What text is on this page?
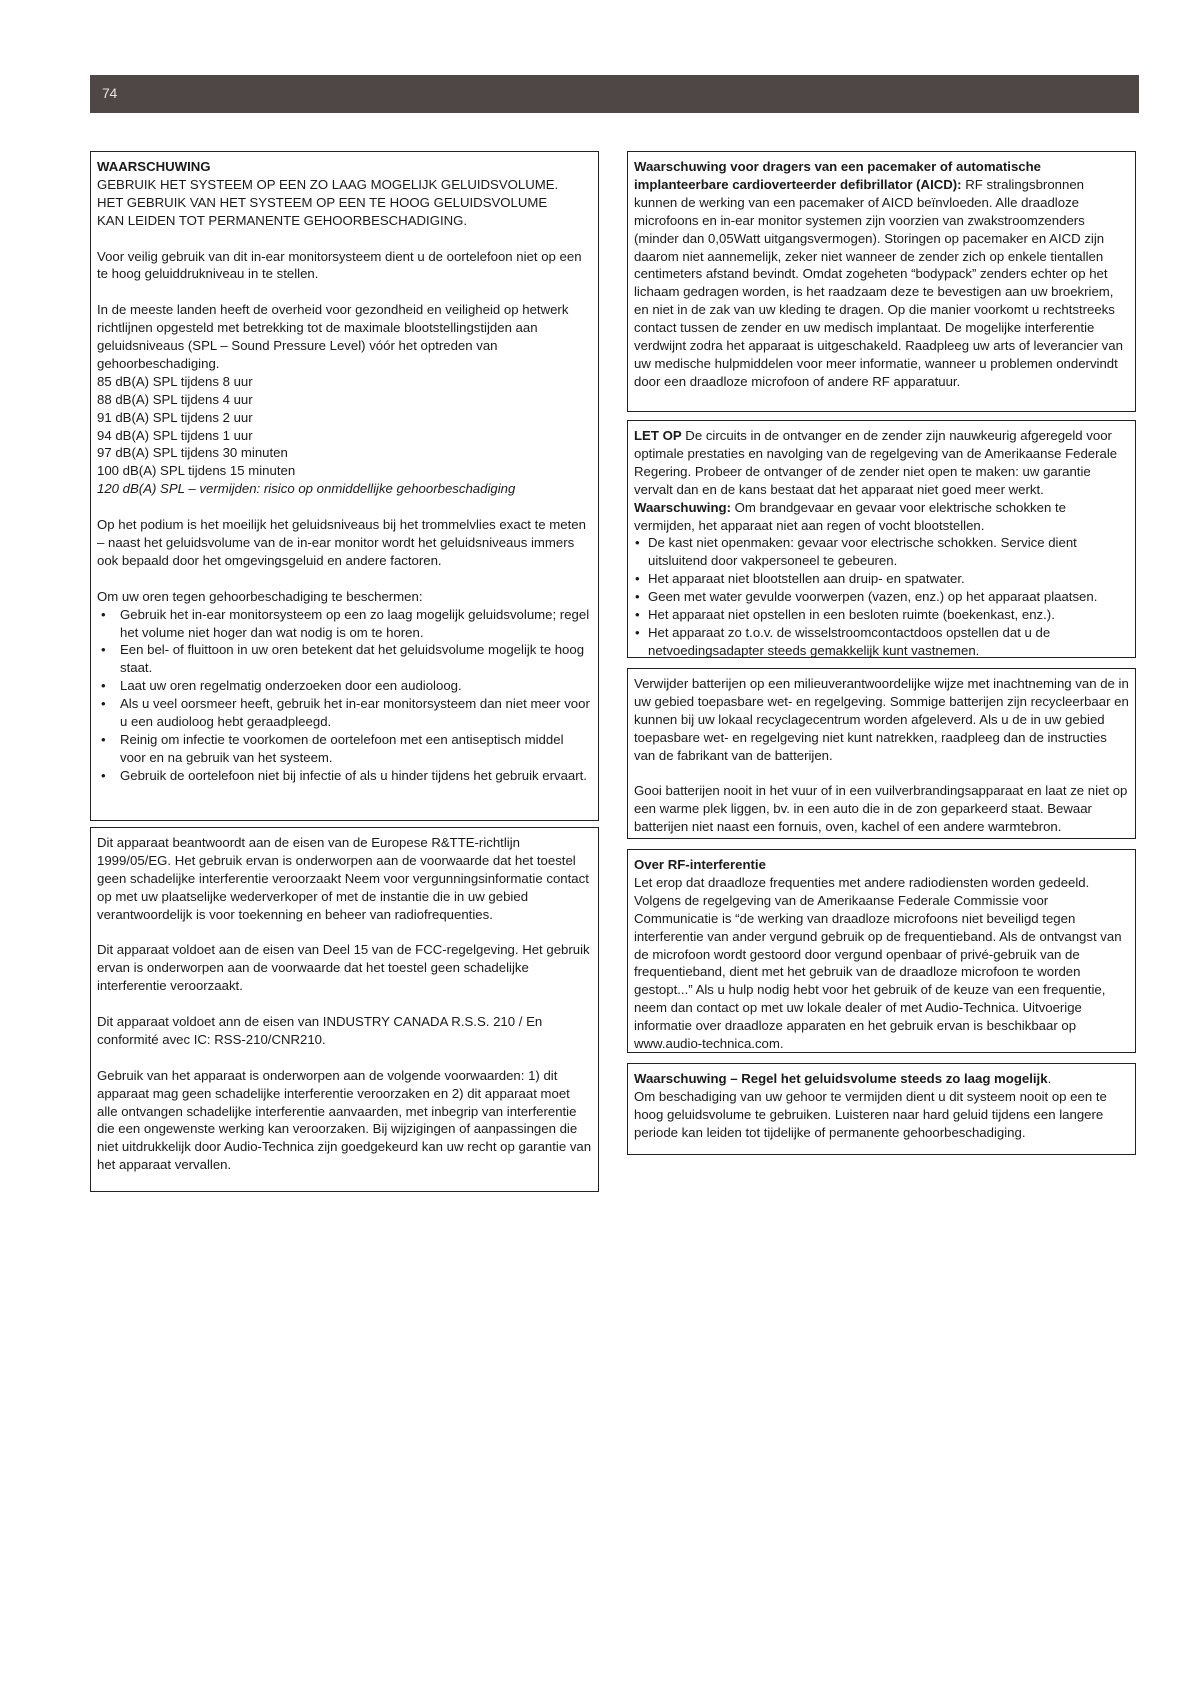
74

WAARSCHUWING

GEBRUIK HET SYSTEEM OP EEN ZO LAAG MOGELIJK GELUIDSVOLUME.

HET GEBRUIK VAN HET SYSTEEM OP EEN TE HOOG GELUIDSVOLUME

KAN LEIDEN TOT PERMANENTE GEHOORBESCHADIGING.

Voor veilig gebruik van dit in-ear monitorsysteem dient u de oortelefoon niet op een te hoog geluiddrukniveau in te stellen.

In de meeste landen heeft de overheid voor gezondheid en veiligheid op hetwerk richtlijnen opgesteld met betrekking tot de maximale blootstellingstijden aan geluidsniveaus (SPL – Sound Pressure Level) vóór het optreden van gehoorbeschadiging.

85 dB(A) SPL tijdens 8 uur

88 dB(A) SPL tijdens 4 uur

91 dB(A) SPL tijdens 2 uur

94 dB(A) SPL tijdens 1 uur

97 dB(A) SPL tijdens 30 minuten

100 dB(A) SPL tijdens 15 minuten

120 dB(A) SPL – vermijden: risico op onmiddellijke gehoorbeschadiging

Op het podium is het moeilijk het geluidsniveaus bij het trommelvlies exact te meten – naast het geluidsvolume van de in-ear monitor wordt het geluidsniveaus immers ook bepaald door het omgevingsgeluid en andere factoren.

Om uw oren tegen gehoorbeschadiging te beschermen:

• Gebruik het in-ear monitorsysteem op een zo laag mogelijk geluidsvolume; regel het volume niet hoger dan wat nodig is om te horen.
• Een bel- of fluittoon in uw oren betekent dat het geluidsvolume mogelijk te hoog staat.
• Laat uw oren regelmatig onderzoeken door een audioloog.
• Als u veel oorsmeer heeft, gebruik het in-ear monitorsysteem dan niet meer voor u een audioloog hebt geraadpleegd.
• Reinig om infectie te voorkomen de oortelefoon met een antiseptisch middel voor en na gebruik van het systeem.
• Gebruik de oortelefoon niet bij infectie of als u hinder tijdens het gebruik ervaart.

Dit apparaat beantwoordt aan de eisen van de Europese R&TTE-richtlijn 1999/05/EG. Het gebruik ervan is onderworpen aan de voorwaarde dat het toestel geen schadelijke interferentie veroorzaakt Neem voor vergunningsinformatie contact op met uw plaatselijke wederverkoper of met de instantie die in uw gebied verantwoordelijk is voor toekenning en beheer van radiofrequenties.

Dit apparaat voldoet aan de eisen van Deel 15 van de FCC-regelgeving. Het gebruik ervan is onderworpen aan de voorwaarde dat het toestel geen schadelijke interferentie veroorzaakt.

Dit apparaat voldoet ann de eisen van INDUSTRY CANADA R.S.S. 210 / En conformité avec IC: RSS-210/CNR210.

Gebruik van het apparaat is onderworpen aan de volgende voorwaarden: 1) dit apparaat mag geen schadelijke interferentie veroorzaken en 2) dit apparaat moet alle ontvangen schadelijke interferentie aanvaarden, met inbegrip van interferentie die een ongewenste werking kan veroorzaken. Bij wijzigingen of aanpassingen die niet uitdrukkelijk door Audio-Technica zijn goedgekeurd kan uw recht op garantie van het apparaat vervallen.

Waarschuwing voor dragers van een pacemaker of automatische implanteerbare cardioverteerder defibrillator (AICD): RF stralingsbronnen kunnen de werking van een pacemaker of AICD beïnvloeden. Alle draadloze microfoons en in-ear monitor systemen zijn voorzien van zwakstroomzenders (minder dan 0,05Watt uitgangsvermogen). Storingen op pacemaker en AICD zijn daarom niet aannemelijk, zeker niet wanneer de zender zich op enkele tientallen centimeters afstand bevindt. Omdat zogeheten “bodypack” zenders echter op het lichaam gedragen worden, is het raadzaam deze te bevestigen aan uw broekriem, en niet in de zak van uw kleding te dragen. Op die manier voorkomt u rechtstreeks contact tussen de zender en uw medisch implantaat. De mogelijke interferentie verdwijnt zodra het apparaat is uitgeschakeld. Raadpleeg uw arts of leverancier van uw medische hulpmiddelen voor meer informatie, wanneer u problemen ondervindt door een draadloze microfoon of andere RF apparatuur.

LET OP De circuits in de ontvanger en de zender zijn nauwkeurig afgeregeld voor optimale prestaties en navolging van de regelgeving van de Amerikaanse Federale Regering. Probeer de ontvanger of de zender niet open te maken: uw garantie vervalt dan en de kans bestaat dat het apparaat niet goed meer werkt.

Waarschuwing: Om brandgevaar en gevaar voor elektrische schokken te vermijden, het apparaat niet aan regen of vocht blootstellen.

• De kast niet openmaken: gevaar voor electrische schokken. Service dient uitsluitend door vakpersoneel te gebeuren.
• Het apparaat niet blootstellen aan druip- en spatwater.
• Geen met water gevulde voorwerpen (vazen, enz.) op het apparaat plaatsen.
• Het apparaat niet opstellen in een besloten ruimte (boekenkast, enz.).
• Het apparaat zo t.o.v. de wisselstroomcontactdoos opstellen dat u de netvoedingsadapter steeds gemakkelijk kunt vastnemen.

Verwijder batterijen op een milieuverantwoordelijke wijze met inachtneming van de in uw gebied toepasbare wet- en regelgeving. Sommige batterijen zijn recycleerbaar en kunnen bij uw lokaal recyclagecentrum worden afgeleverd. Als u de in uw gebied toepasbare wet- en regelgeving niet kunt natrekken, raadpleeg dan de instructies van de fabrikant van de batterijen.

Gooi batterijen nooit in het vuur of in een vuilverbrandingsapparaat en laat ze niet op een warme plek liggen, bv. in een auto die in de zon geparkeerd staat. Bewaar batterijen niet naast een fornuis, oven, kachel of een andere warmtebron.

Over RF-interferentie

Let erop dat draadloze frequenties met andere radiodiensten worden gedeeld. Volgens de regelgeving van de Amerikaanse Federale Commissie voor Communicatie is “de werking van draadloze microfoons niet beveiligd tegen interferentie van ander vergund gebruik op de frequentieband. Als de ontvangst van de microfoon wordt gestoord door vergund openbaar of privé-gebruik van de frequentieband, dient met het gebruik van de draadloze microfoon te worden gestopt...” Als u hulp nodig hebt voor het gebruik of de keuze van een frequentie, neem dan contact op met uw lokale dealer of met Audio-Technica. Uitvoerige informatie over draadloze apparaten en het gebruik ervan is beschikbaar op www.audio-technica.com.

Waarschuwing – Regel het geluidsvolume steeds zo laag mogelijk.

Om beschadiging van uw gehoor te vermijden dient u dit systeem nooit op een te hoog geluidsvolume te gebruiken. Luisteren naar hard geluid tijdens een langere periode kan leiden tot tijdelijke of permanente gehoorbeschadiging.
